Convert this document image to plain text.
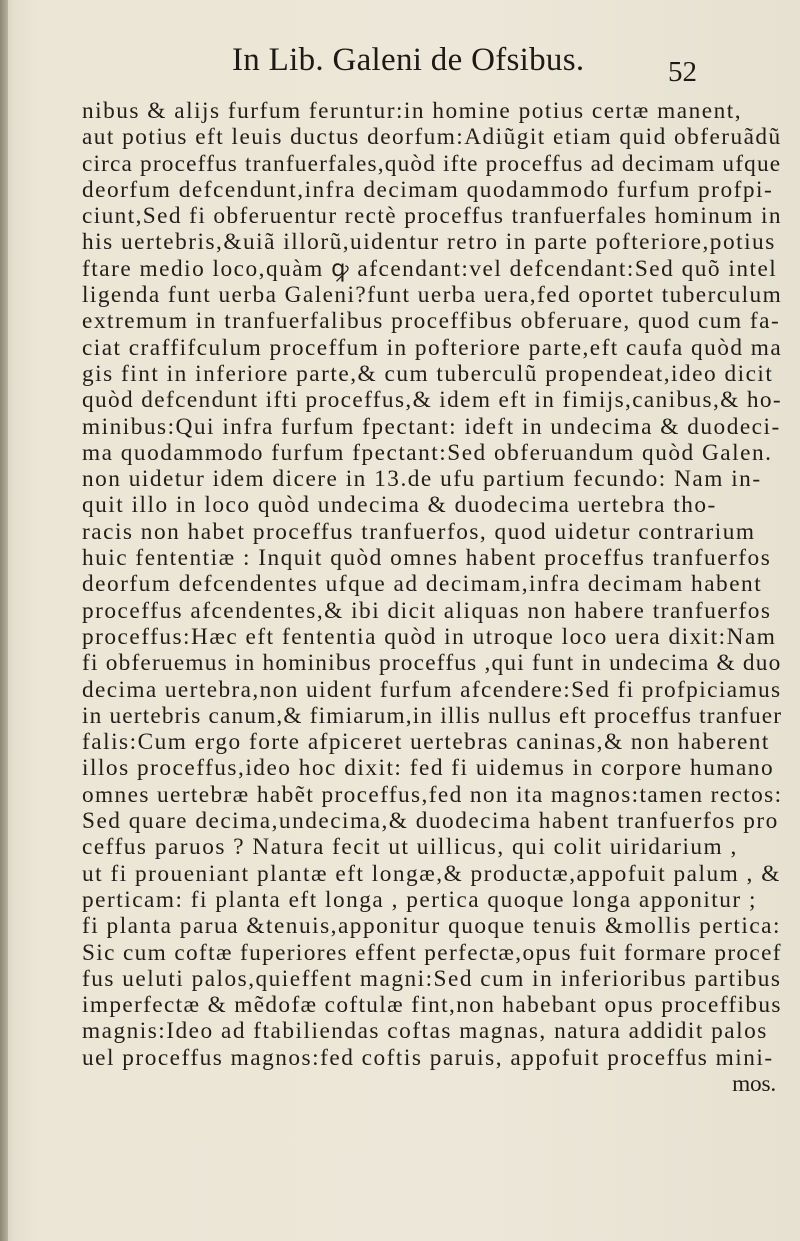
In Lib. Galeni de Ofsibus.	52
nibus & alijs furfum feruntur:in homine potius certæ manent,
aut potius eft leuis ductus deorfum:Adiũgit etiam quid obferuãdũ
circa proceffus tranfuerfales,quòd ifte proceffus ad decimam ufque
deorfum defcendunt,infra decimam quodammodo furfum profpi-
ciunt,Sed fi obferuentur rectè proceffus tranfuerfales hominum in
his uertebris,&uiã illorũ,uidentur retro in parte pofteriore,potius
ftare medio loco,quàm ꝙ afcendant:vel defcendant:Sed quõ intel
ligenda funt uerba Galeni?funt uerba uera,fed oportet tuberculum
extremum in tranfuerfalibus proceffibus obferuare, quod cum fa-
ciat craffifculum proceffum in pofteriore parte,eft caufa quòd ma
gis fint in inferiore parte,& cum tuberculũ propendeat,ideo dicit
quòd defcendunt ifti proceffus,& idem eft in fimijs,canibus,& ho-
minibus:Qui infra furfum fpectant: ideft in undecima & duodeci-
ma quodammodo furfum fpectant:Sed obferuandum quòd Galen.
non uidetur idem dicere in 13.de ufu partium fecundo: Nam in-
quit illo in loco quòd undecima & duodecima uertebra tho-
racis non habet proceffus tranfuerfos, quod uidetur contrarium
huic fententiæ : Inquit quòd omnes habent proceffus tranfuerfos
deorfum defcendentes ufque ad decimam,infra decimam habent
proceffus afcendentes,& ibi dicit aliquas non habere tranfuerfos
proceffus:Hæc eft fententia quòd in utroque loco uera dixit:Nam
fi obferuemus in hominibus proceffus ,qui funt in undecima & duo
decima uertebra,non uident furfum afcendere:Sed fi profpiciamus
in uertebris canum,& fimiarum,in illis nullus eft proceffus tranfuer
falis:Cum ergo forte afpiceret uertebras caninas,& non haberent
illos proceffus,ideo hoc dixit: fed fi uidemus in corpore humano
omnes uertebræ habẽt proceffus,fed non ita magnos:tamen rectos:
Sed quare decima,undecima,& duodecima habent tranfuerfos pro
ceffus paruos ? Natura fecit ut uillicus, qui colit uiridarium ,
ut fi proueniant plantæ eft longæ,& productæ,appofuit palum , &
perticam: fi planta eft longa , pertica quoque longa apponitur ;
fi planta parua &tenuis,apponitur quoque tenuis &mollis pertica:
Sic cum coftæ fuperiores effent perfectæ,opus fuit formare procef
fus ueluti palos,quieffent magni:Sed cum in inferioribus partibus
imperfectæ & mẽdofæ coftulæ fint,non habebant opus proceffibus
magnis:Ideo ad ftabiliendas coftas magnas, natura addidit palos
uel proceffus magnos:fed coftis paruis, appofuit proceffus mini-
mos.
